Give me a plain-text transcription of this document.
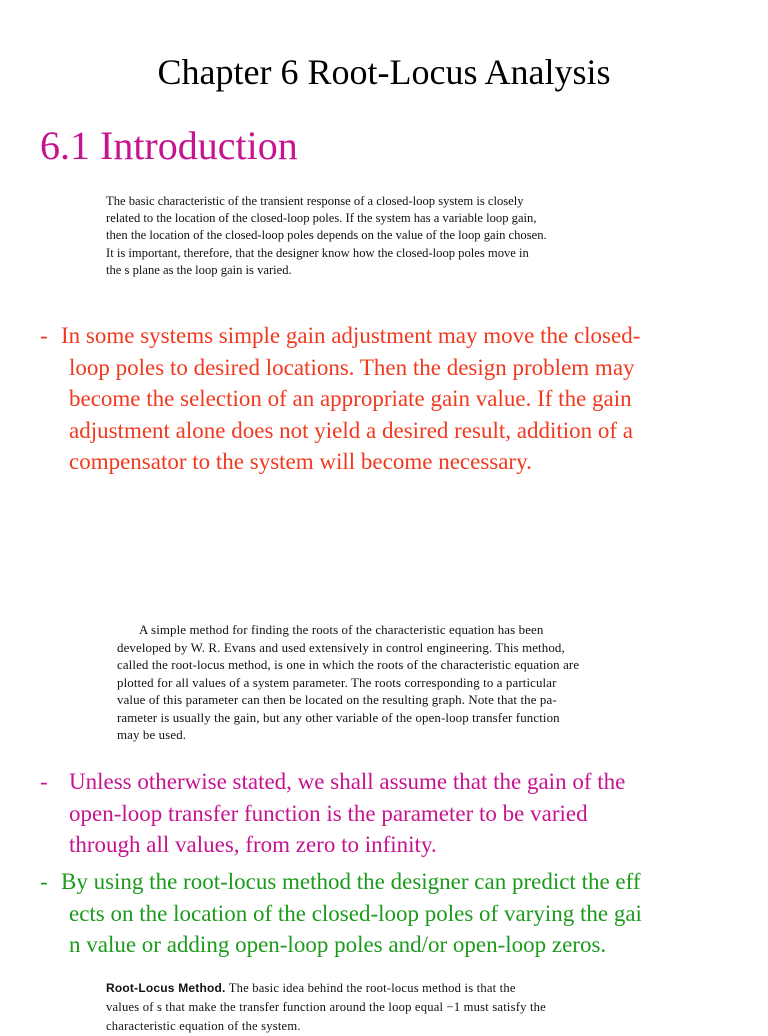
Chapter 6 Root-Locus Analysis
6.1 Introduction
The basic characteristic of the transient response of a closed-loop system is closely
related to the location of the closed-loop poles. If the system has a variable loop gain,
then the location of the closed-loop poles depends on the value of the loop gain chosen.
It is important, therefore, that the designer know how the closed-loop poles move in
the s plane as the loop gain is varied.
- In some systems simple gain adjustment may move the closed-
loop poles to desired locations. Then the design problem may
become the selection of an appropriate gain value. If the gain
adjustment alone does not yield a desired result, addition of a
compensator to the system will become necessary.
A simple method for finding the roots of the characteristic equation has been
developed by W. R. Evans and used extensively in control engineering. This method,
called the root-locus method, is one in which the roots of the characteristic equation are
plotted for all values of a system parameter. The roots corresponding to a particular
value of this parameter can then be located on the resulting graph. Note that the pa-
rameter is usually the gain, but any other variable of the open-loop transfer function
may be used.
- Unless otherwise stated, we shall assume that the gain of the
open-loop transfer function is the parameter to be varied
through all values, from zero to infinity.
- By using the root-locus method the designer can predict the eff
ects on the location of the closed-loop poles of varying the gai
n value or adding open-loop poles and/or open-loop zeros.
Root-Locus Method. The basic idea behind the root-locus method is that the
values of s that make the transfer function around the loop equal −1 must satisfy the
characteristic equation of the system.
